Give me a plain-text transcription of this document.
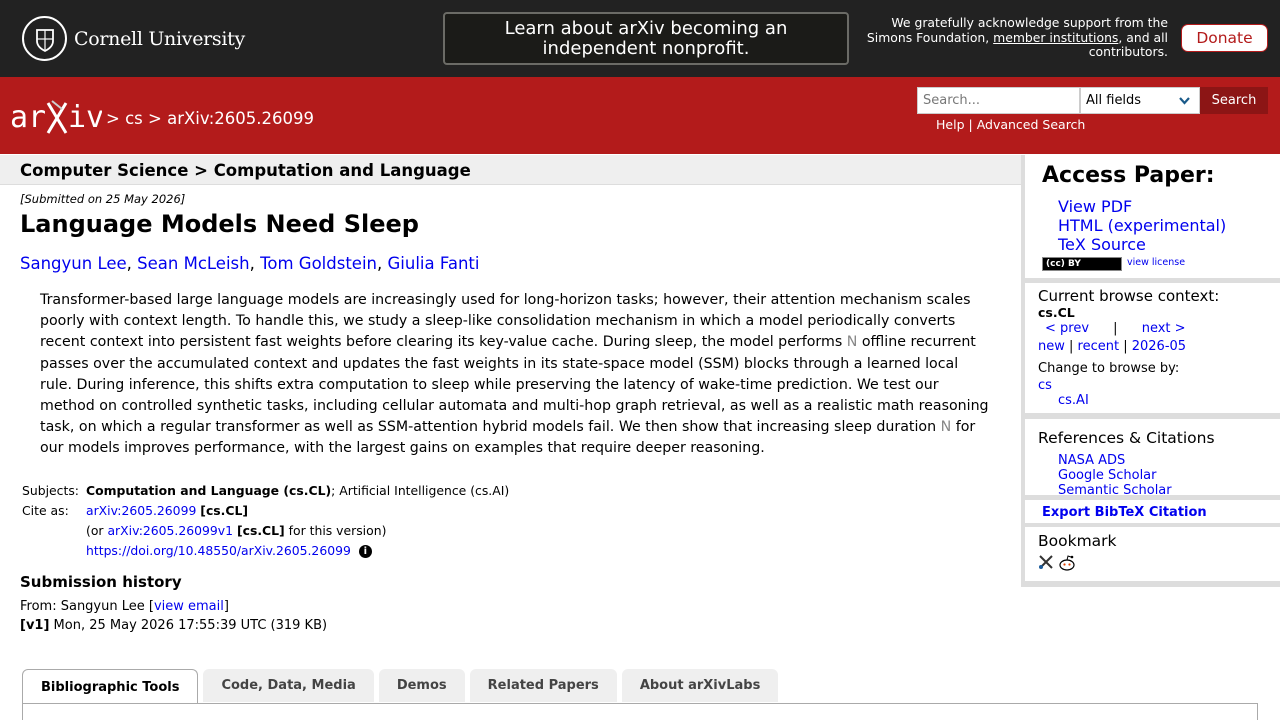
Cornell University	Learn about arXiv becoming an independent nonprofit.
We gratefully acknowledge support from the Simons Foundation, member institutions, and all contributors.
Donate
ar iv > cs > arXiv:2605.26099
Search...	All fields	Search
Help | Advanced Search
Computer Science > Computation and Language
[Submitted on 25 May 2026]
Language Models Need Sleep
Sangyun Lee, Sean McLeish, Tom Goldstein, Giulia Fanti
Transformer-based large language models are increasingly used for long-horizon tasks; however, their attention mechanism scales poorly with context length. To handle this, we study a sleep-like consolidation mechanism in which a model periodically converts recent context into persistent fast weights before clearing its key-value cache. During sleep, the model performs N offline recurrent passes over the accumulated context and updates the fast weights in its state-space model (SSM) blocks through a learned local rule. During inference, this shifts extra computation to sleep while preserving the latency of wake-time prediction. We test our method on controlled synthetic tasks, including cellular automata and multi-hop graph retrieval, as well as a realistic math reasoning task, on which a regular transformer as well as SSM-attention hybrid models fail. We then show that increasing sleep duration N for our models improves performance, with the largest gains on examples that require deeper reasoning.
Subjects:	Computation and Language (cs.CL); Artificial Intelligence (cs.AI)
Cite as:	arXiv:2605.26099 [cs.CL]
	(or arXiv:2605.26099v1 [cs.CL] for this version)
	https://doi.org/10.48550/arXiv.2605.26099 i
Submission history
From: Sangyun Lee [view email]
[v1] Mon, 25 May 2026 17:55:39 UTC (319 KB)
Bibliographic Tools	Code, Data, Media	Demos	Related Papers	About arXivLabs
Access Paper:
View PDF
HTML (experimental)
TeX Source
(cc) BY	view license
Current browse context:
cs.CL
< prev | next >
new | recent | 2026-05
Change to browse by:
cs
cs.AI
References & Citations
NASA ADS
Google Scholar
Semantic Scholar
Export BibTeX Citation
Bookmark
